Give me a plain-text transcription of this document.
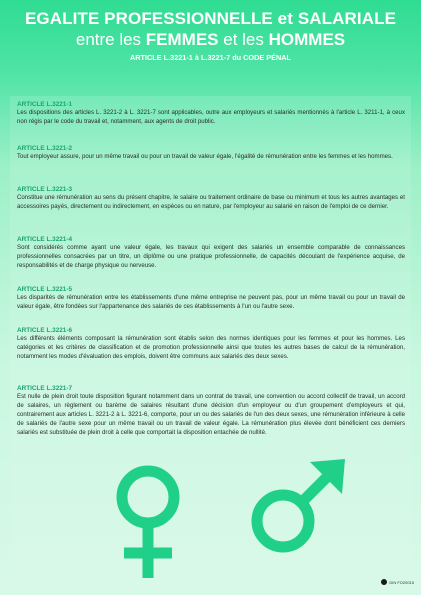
EGALITE PROFESSIONNELLE et SALARIALE
entre les FEMMES et les HOMMES
ARTICLE L.3221-1 à L.3221-7 du CODE PÉNAL
ARTICLE L.3221-1

Les dispositions des articles L. 3221-2 à L. 3221-7 sont applicables, outre aux employeurs et salariés mentionnés à l'article L. 3211-1, à ceux non régis par le code du travail et, notamment, aux agents de droit public.

ARTICLE L.3221-2

Tout employeur assure, pour un même travail ou pour un travail de valeur égale, l'égalité de rémunération entre les femmes et les hommes.

ARTICLE L.3221-3

Constitue une rémunération au sens du présent chapitre, le salaire ou traitement ordinaire de base ou minimum et tous les autres avantages et accessoires payés, directement ou indirectement, en espèces ou en nature, par l'employeur au salarié en raison de l'emploi de ce dernier.

ARTICLE L.3221-4

Sont considérés comme ayant une valeur égale, les travaux qui exigent des salariés un ensemble comparable de connaissances professionnelles consacrées par un titre, un diplôme ou une pratique professionnelle, de capacités découlant de l'expérience acquise, de responsabilités et de charge physique ou nerveuse.

ARTICLE L.3221-5

Les disparités de rémunération entre les établissements d'une même entreprise ne peuvent pas, pour un même travail ou pour un travail de valeur égale, être fondées sur l'appartenance des salariés de ces établissements à l'un ou l'autre sexe.

ARTICLE L.3221-6

Les différents éléments composant la rémunération sont établis selon des normes identiques pour les femmes et pour les hommes. Les catégories et les critères de classification et de promotion professionnelle ainsi que toutes les autres bases de calcul de la rémunération, notamment les modes d'évaluation des emplois, doivent être communs aux salariés des deux sexes.

ARTICLE L.3221-7

Est nulle de plein droit toute disposition figurant notamment dans un contrat de travail, une convention ou accord collectif de travail, un accord de salaires, un règlement ou barème de salaires résultant d'une décision d'un employeur ou d'un groupement d'employeurs et qui, contrairement aux articles L. 3221-2 à L. 3221-6, comporte, pour un ou des salariés de l'un des deux sexes, une rémunération inférieure à celle de salariés de l'autre sexe pour un même travail ou un travail de valeur égale. La rémunération plus élevée dont bénéficient ces derniers salariés est substituée de plein droit à celle que comportait la disposition entachée de nullité.

DIN FO20015
